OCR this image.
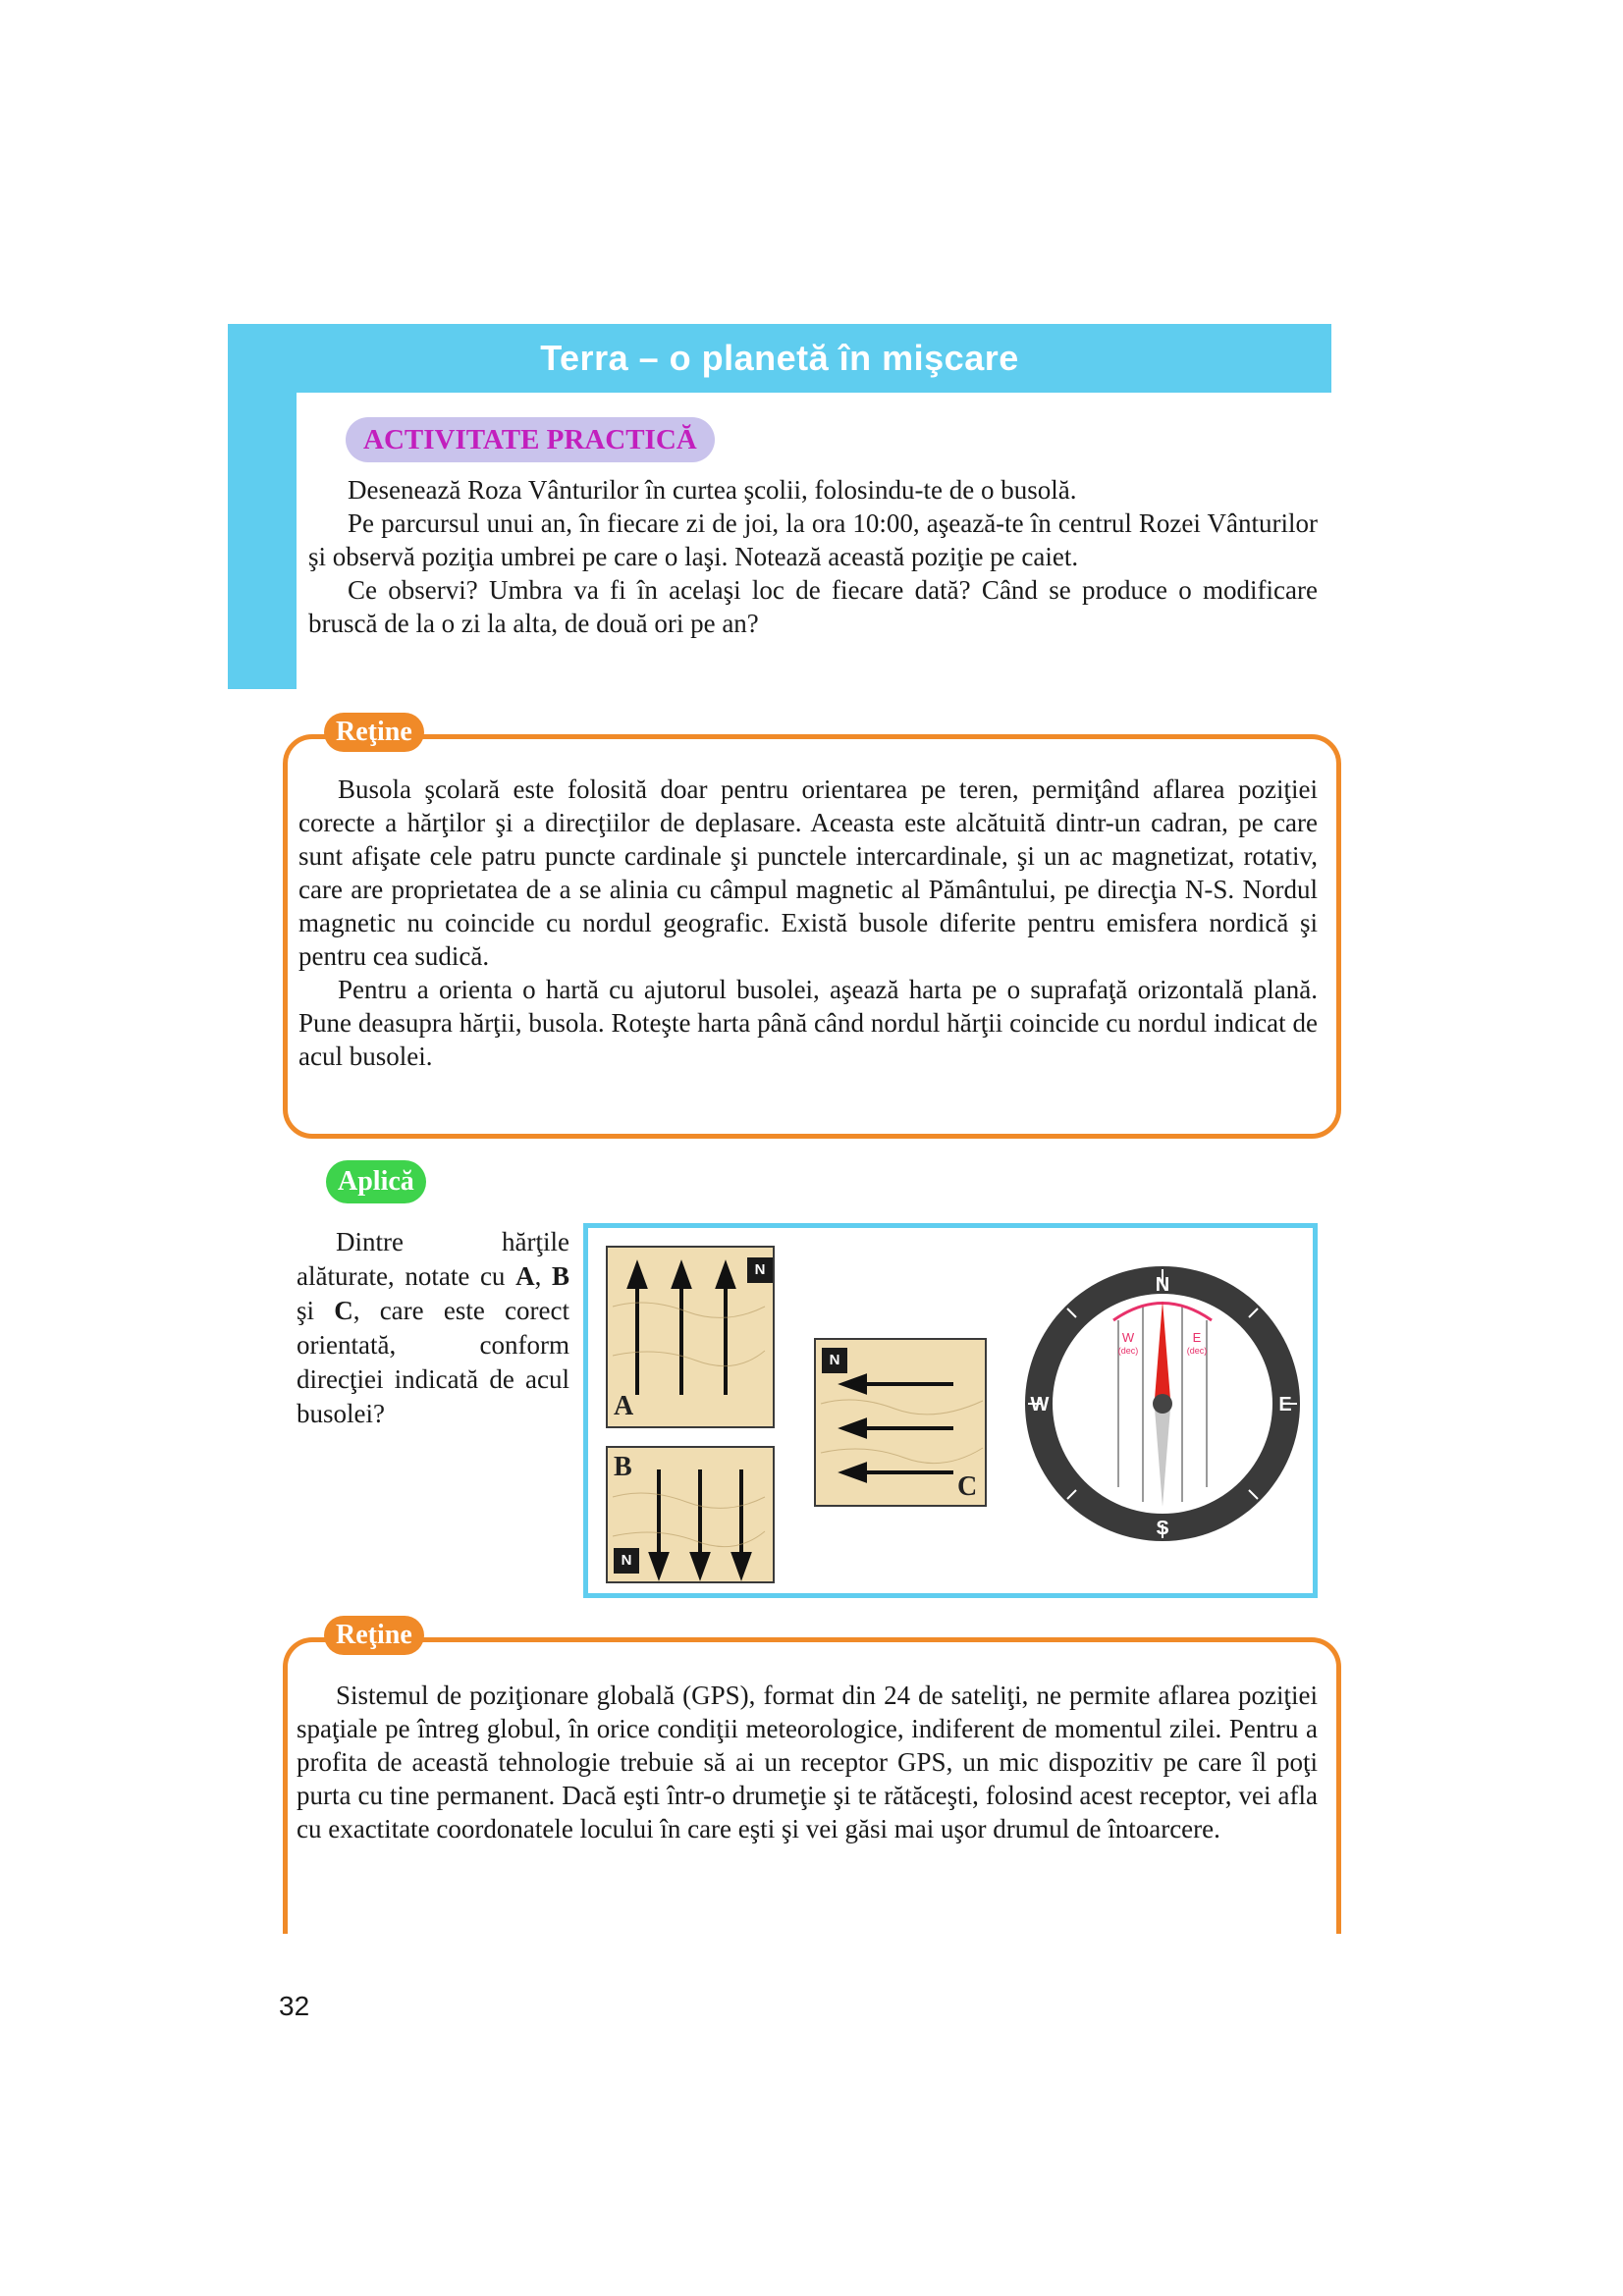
Terra – o planetă în mişcare
Unitatea II
ACTIVITATE PRACTICĂ

Desenează Roza Vânturilor în curtea şcolii, folosindu-te de o busolă.

Pe parcursul unui an, în fiecare zi de joi, la ora 10:00, aşează-te în centrul Rozei Vânturilor şi observă poziţia umbrei pe care o laşi. Notează această poziţie pe caiet.

Ce observi? Umbra va fi în acelaşi loc de fiecare dată? Când se produce o modificare bruscă de la o zi la alta, de două ori pe an?

Reţine

Busola şcolară este folosită doar pentru orientarea pe teren, permiţând aflarea poziţiei corecte a hărţilor şi a direcţiilor de deplasare. Aceasta este alcătuită dintr-un cadran, pe care sunt afişate cele patru puncte cardinale şi punctele intercardinale, şi un ac magnetizat, rotativ, care are proprietatea de a se alinia cu câmpul magnetic al Pământului, pe direcţia N-S. Nordul magnetic nu coincide cu nordul geografic. Există busole diferite pentru emisfera nordică şi pentru cea sudică.

Pentru a orienta o hartă cu ajutorul busolei, aşează harta pe o suprafaţă orizontală plană. Pune deasupra hărţii, busola. Roteşte harta până când nordul hărţii coincide cu nordul indicat de acul busolei.

Aplică

Dintre hărţile alăturate, notate cu A, B şi C, care este corect orientată, conform direcţiei indicată de acul busolei?

N
A
B
N
N
C
N
S
E
W
W
(dec)
E
(dec)
Reţine

Sistemul de poziţionare globală (GPS), format din 24 de sateliţi, ne permite aflarea poziţiei spaţiale pe întreg globul, în orice condiţii meteorologice, indiferent de momentul zilei. Pentru a profita de această tehnologie trebuie să ai un receptor GPS, un mic dispozitiv pe care îl poţi purta cu tine permanent. Dacă eşti într-o drumeţie şi te rătăceşti, folosind acest receptor, vei afla cu exactitate coordonatele locului în care eşti şi vei găsi mai uşor drumul de întoarcere.

32
